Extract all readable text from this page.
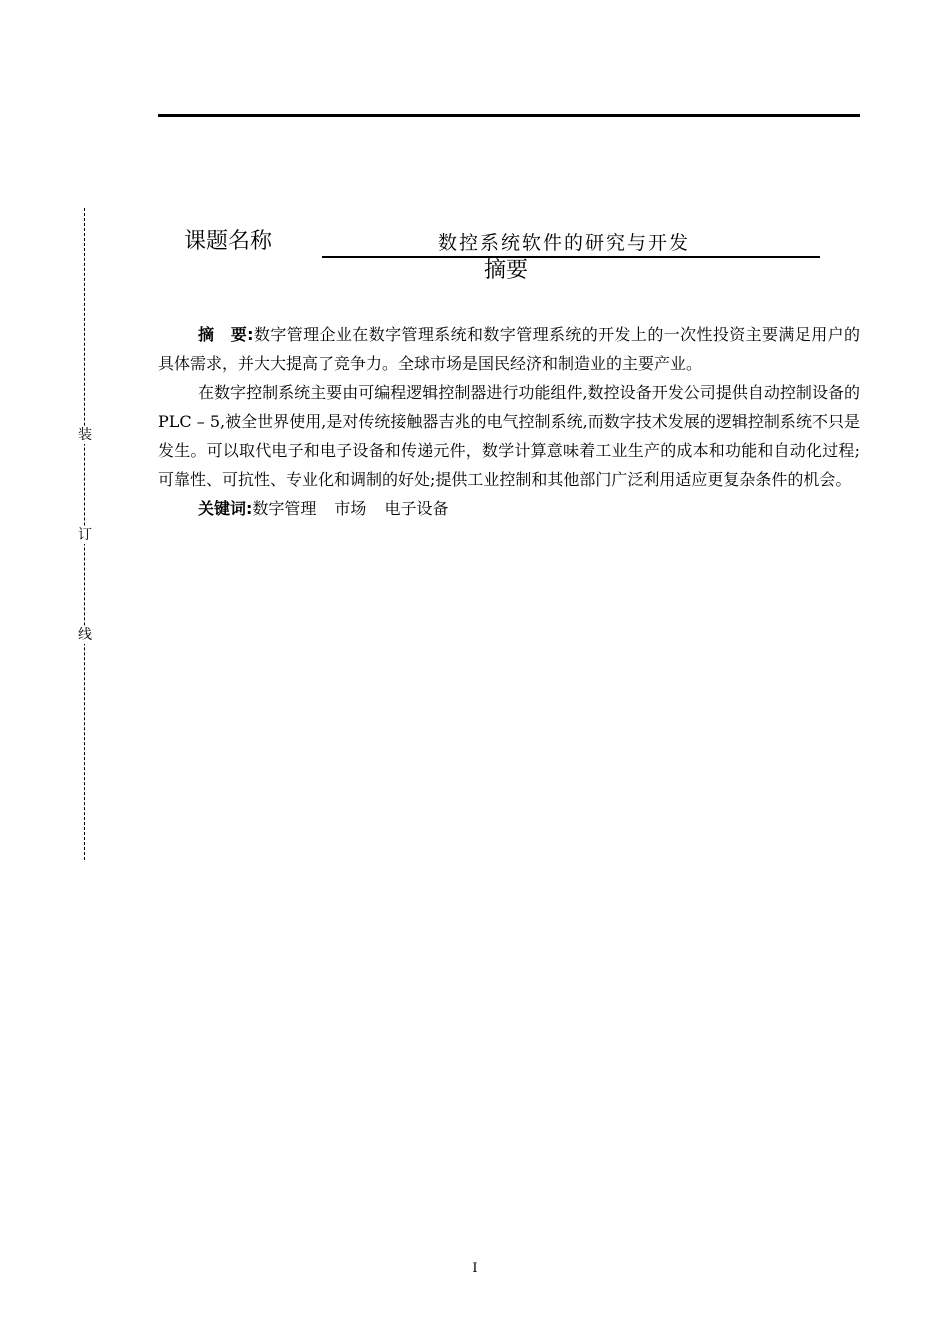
装
订
线
课题名称	数控系统软件的研究与开发
摘要

摘　要:数字管理企业在数字管理系统和数字管理系统的开发上的一次性投资主要满足用户的具体需求，并大大提高了竞争力。全球市场是国民经济和制造业的主要产业。

在数字控制系统主要由可编程逻辑控制器进行功能组件,数控设备开发公司提供自动控制设备的PLC – 5,被全世界使用,是对传统接触器吉兆的电气控制系统,而数字技术发展的逻辑控制系统不只是发生。可以取代电子和电子设备和传递元件，数学计算意味着工业生产的成本和功能和自动化过程;可靠性、可抗性、专业化和调制的好处;提供工业控制和其他部门广泛利用适应更复杂条件的机会。

关键词:数字管理 市场 电子设备

I
